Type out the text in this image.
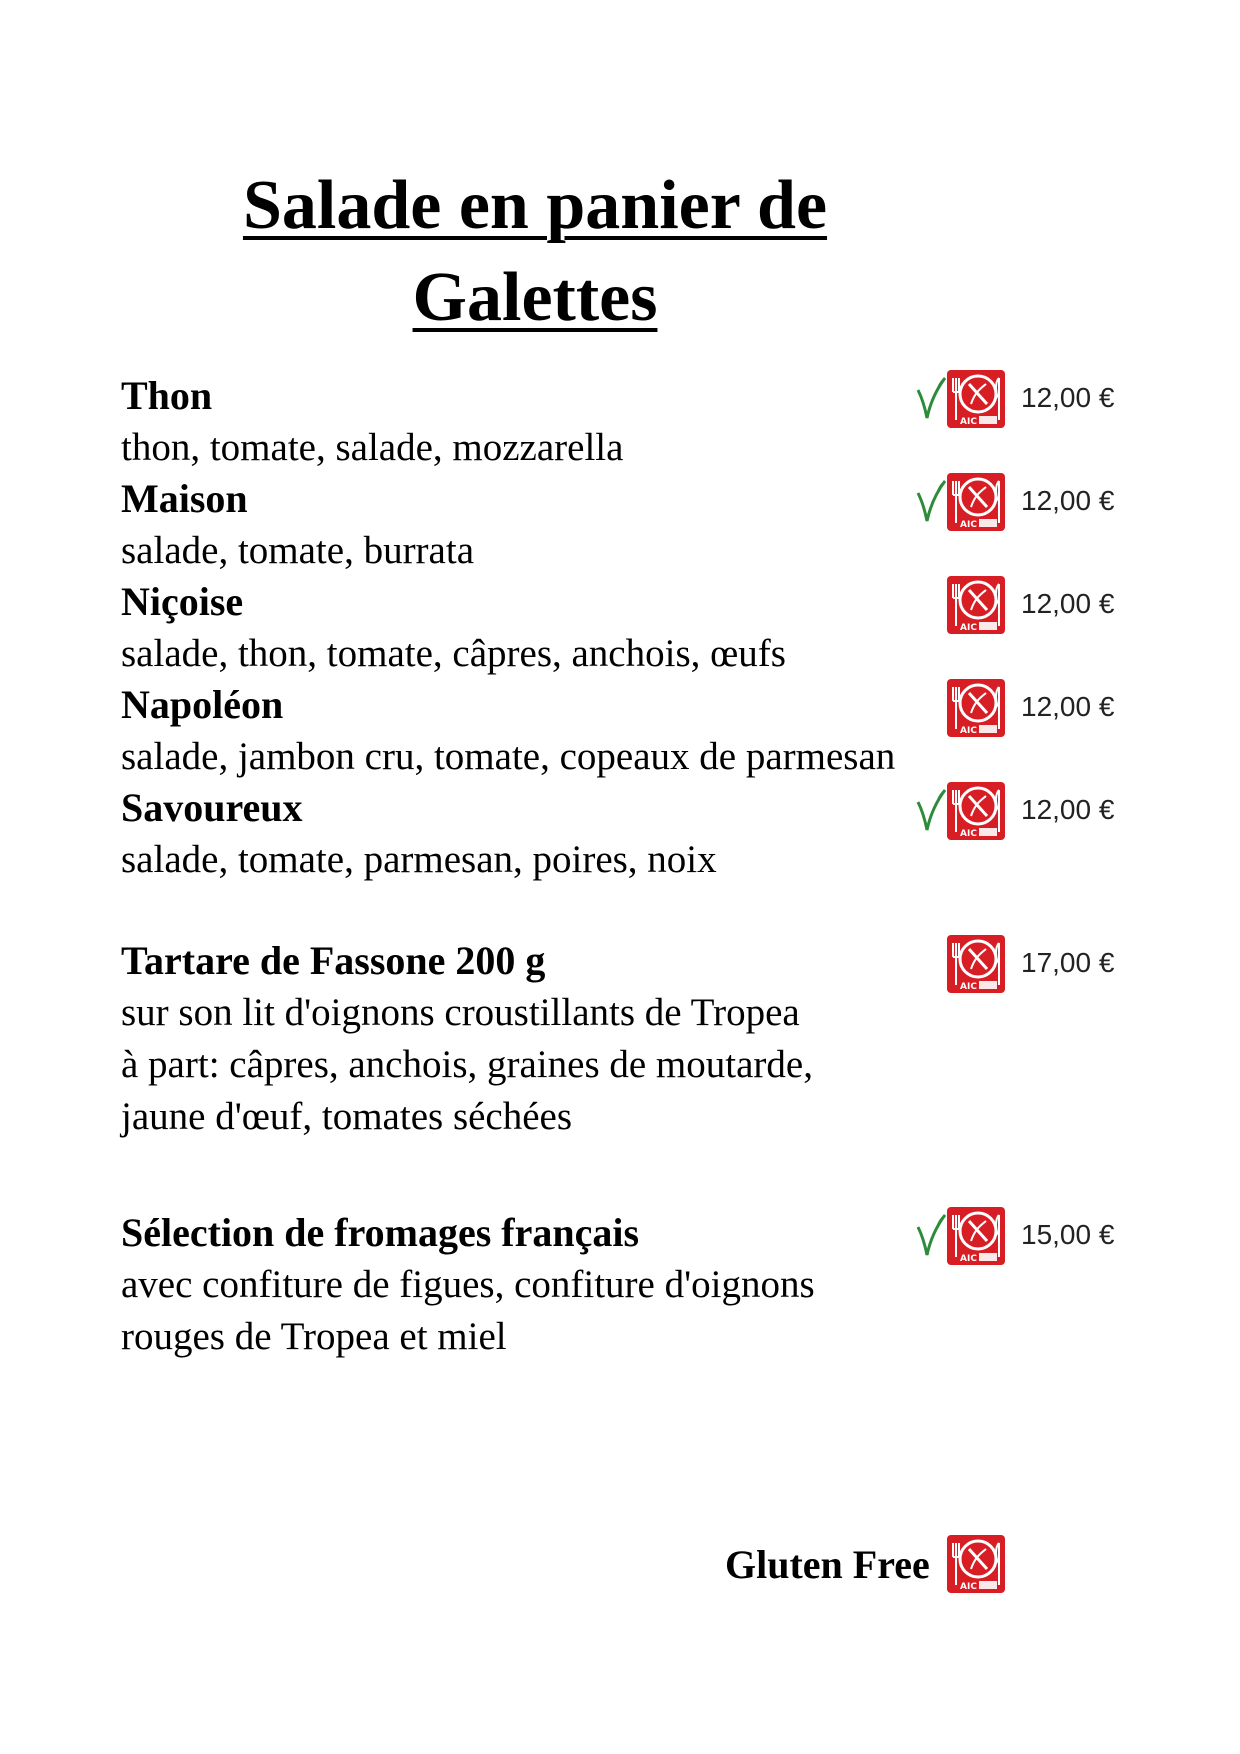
Salade en panier de
Galettes
Thon
thon, tomate, salade, mozzarella
AIC
12,00 €
Maison
salade, tomate, burrata
AIC
12,00 €
Niçoise
salade, thon, tomate, câpres, anchois, œufs
AIC
12,00 €
Napoléon
salade, jambon cru, tomate, copeaux de parmesan
AIC
12,00 €
Savoureux
salade, tomate, parmesan, poires, noix
AIC
12,00 €
Tartare de Fassone 200 g
sur son lit d'oignons croustillants de Tropea
à part: câpres, anchois, graines de moutarde,
jaune d'œuf, tomates séchées
AIC
17,00 €
Sélection de fromages français
avec confiture de figues, confiture d'oignons
rouges de Tropea et miel
AIC
15,00 €
Gluten Free	AIC
